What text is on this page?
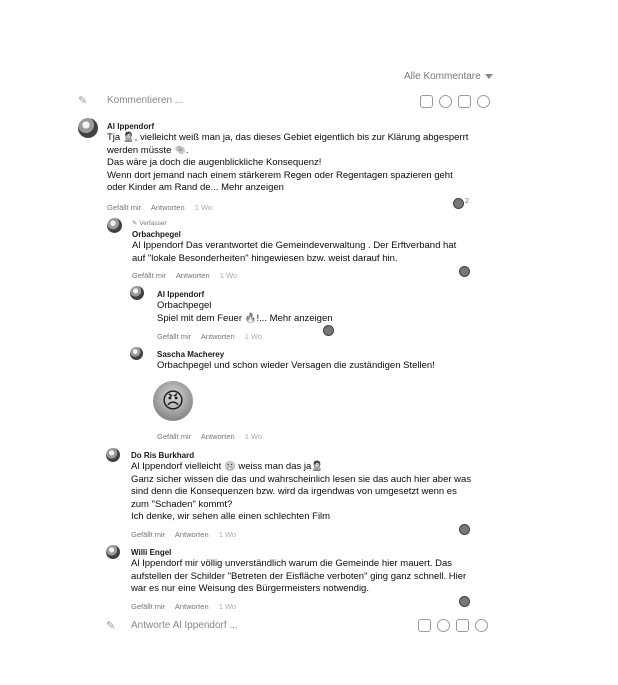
Alle Kommentare
✎ Kommentieren ...
Al Ippendorf

Tja 🙎, vielleicht weiß man ja, das dieses Gebiet eigentlich bis zur Klärung abgesperrt

werden müsste 🤏.

Das wäre ja doch die augenblickliche Konsequenz!

Wenn dort jemand nach einem stärkerem Regen oder Regentagen spazieren geht

oder Kinder am Rand de... Mehr anzeigen

2
Gefällt mir Antworten 1 Wo
✎ Verfasser
Orbachpegel

Al Ippendorf Das verantwortet die Gemeindeverwaltung . Der Erftverband hat

auf "lokale Besonderheiten" hingewiesen bzw. weist darauf hin.

Gefällt mir Antworten 1 Wo
Al Ippendorf

Orbachpegel

Spiel mit dem Feuer 🔥!... Mehr anzeigen

Gefällt mir Antworten 1 Wo
Sascha Macherey

Orbachpegel und schon wieder Versagen die zuständigen Stellen!

😠
Gefällt mir Antworten 1 Wo
Do Ris Burkhard

Al Ippendorf vielleicht 🤫 weiss man das ja🙎

Ganz sicher wissen die das und wahrscheinlich lesen sie das auch hier aber was

sind denn die Konsequenzen bzw. wird da irgendwas von umgesetzt wenn es

zum "Schaden" kommt?

Ich denke, wir sehen alle einen schlechten Film

Gefällt mir Antworten 1 Wo
Willi Engel

Al Ippendorf mir völlig unverständlich warum die Gemeinde hier mauert. Das

aufstellen der Schilder "Betreten der Eisfläche verboten" ging ganz schnell. Hier

war es nur eine Weisung des Bürgermeisters notwendig.

Gefällt mir Antworten 1 Wo
✎ Antworte Al Ippendorf ...
